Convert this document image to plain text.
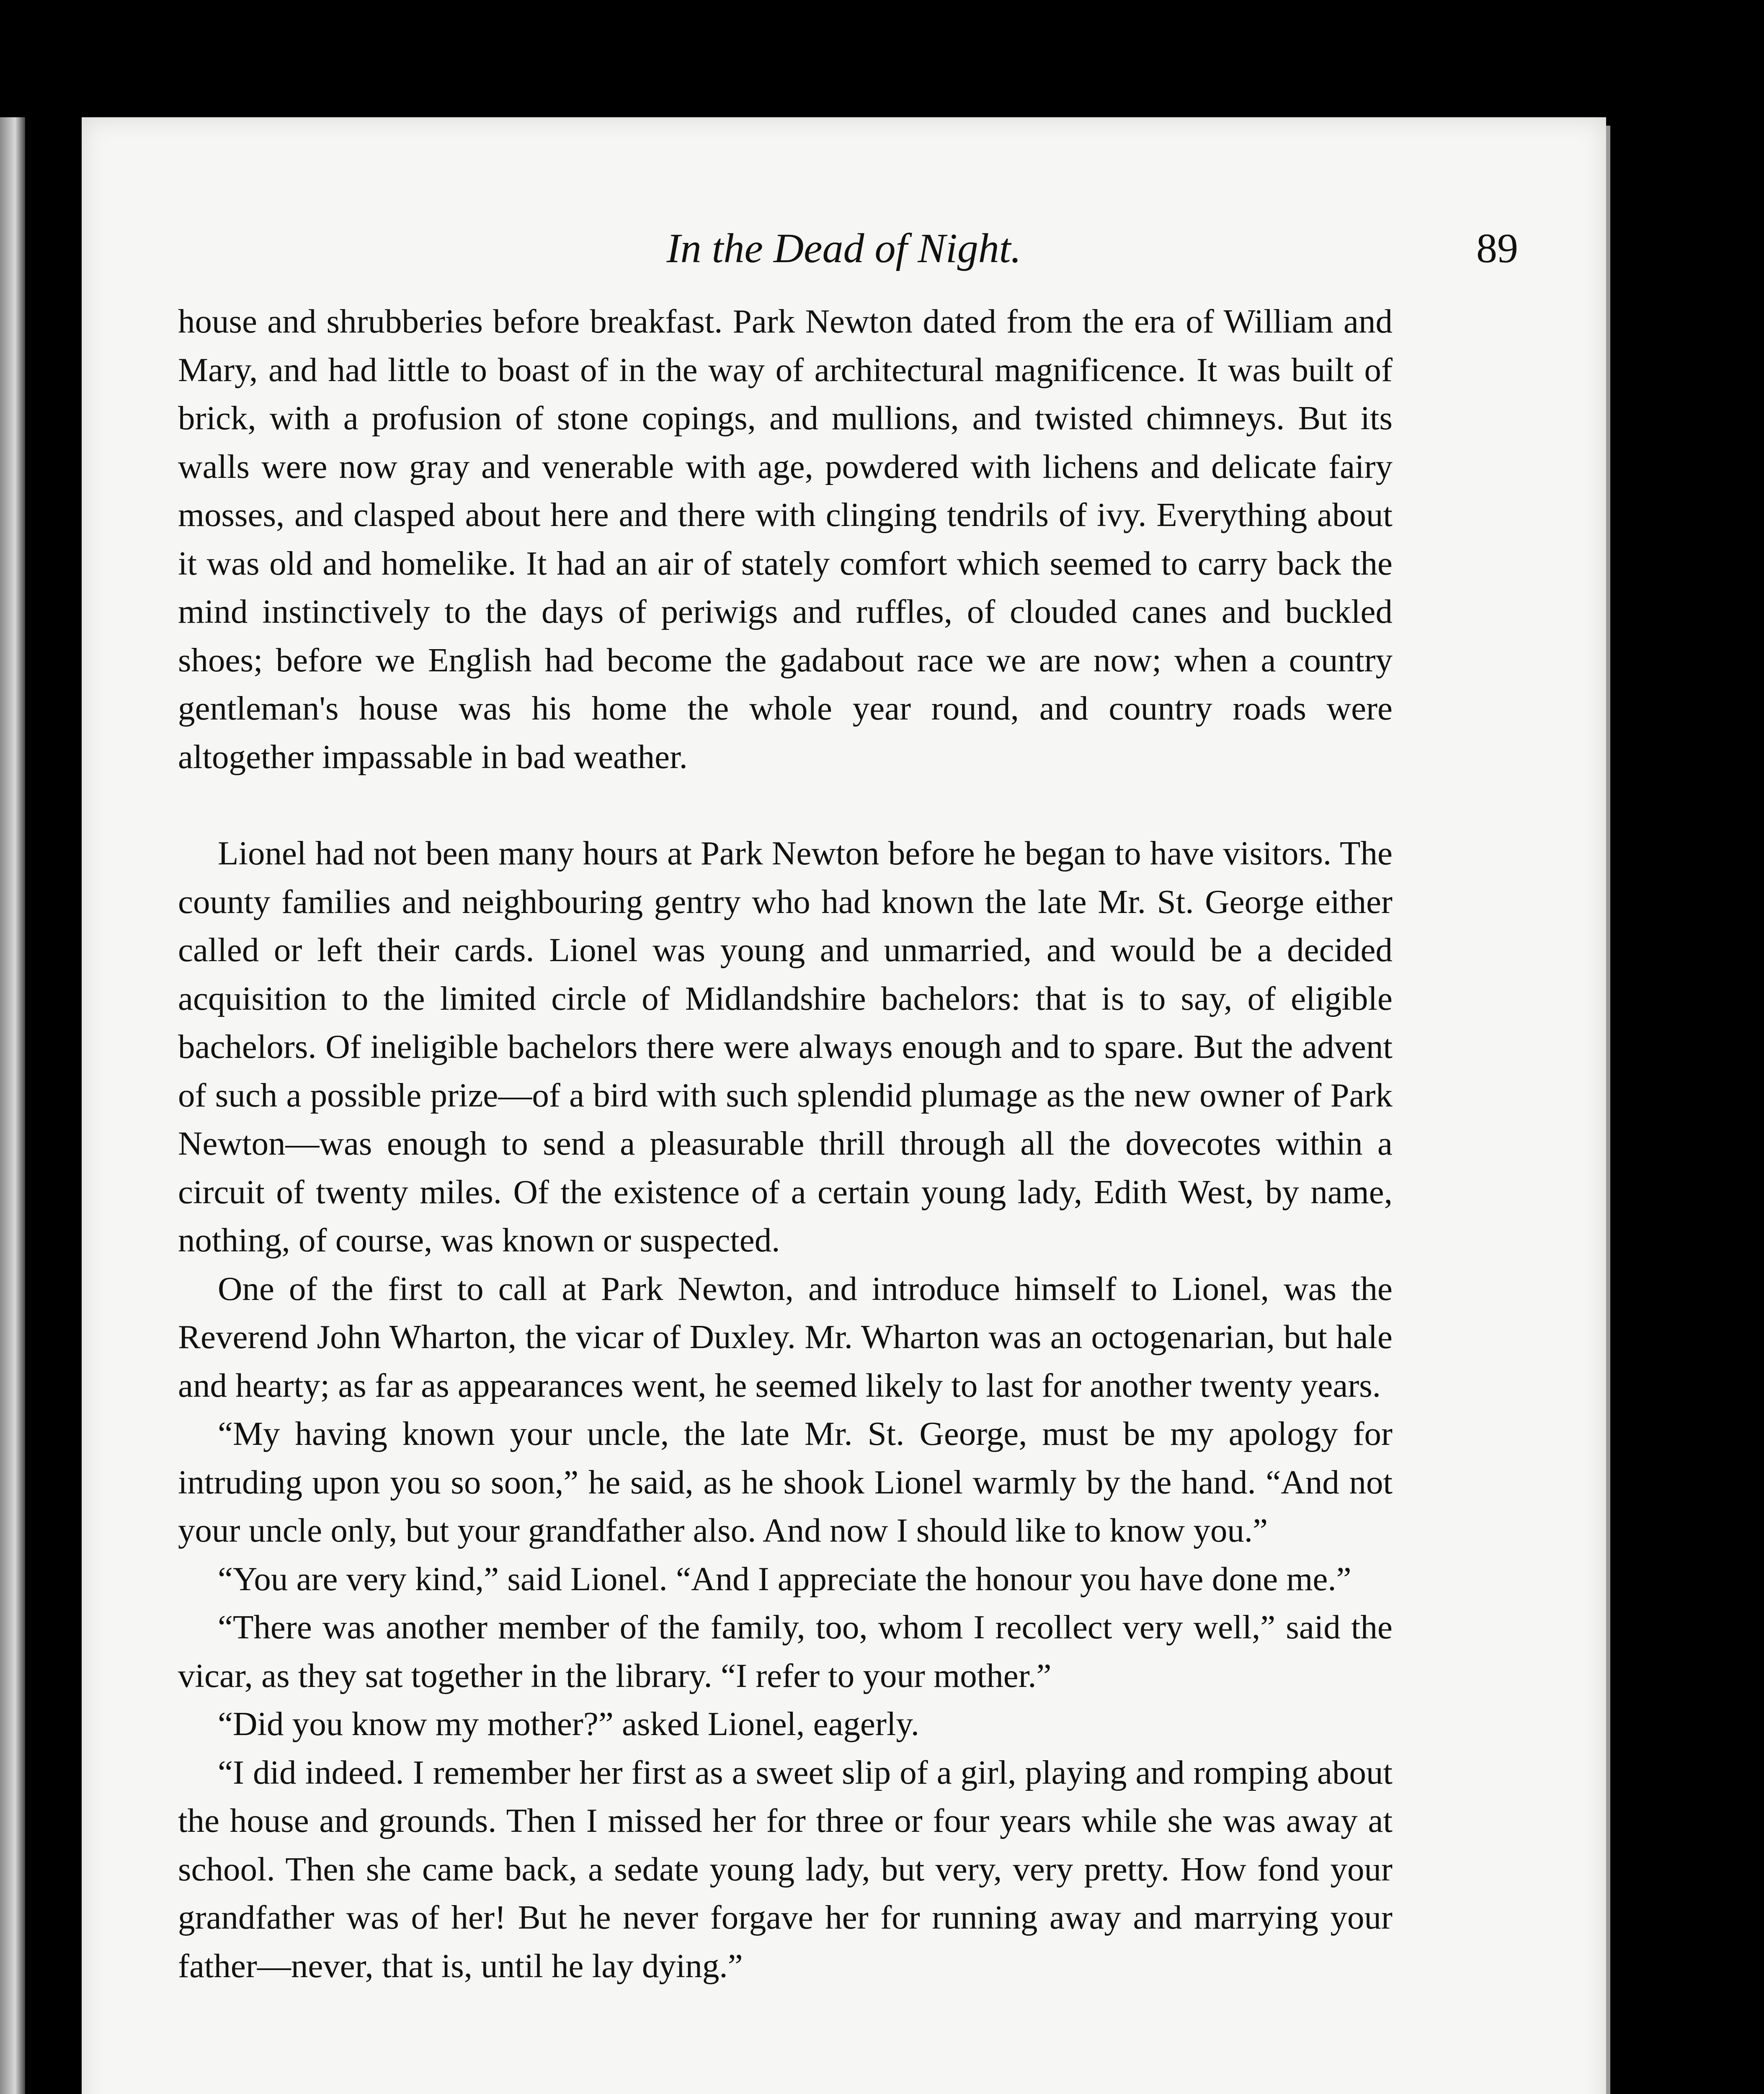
In the Dead of Night.	89

house and shrubberies before breakfast. Park Newton dated from the era of William and Mary, and had little to boast of in the way of architectural magnificence. It was built of brick, with a profusion of stone copings, and mullions, and twisted chimneys. But its walls were now gray and venerable with age, powdered with lichens and delicate fairy mosses, and clasped about here and there with clinging tendrils of ivy. Everything about it was old and homelike. It had an air of stately comfort which seemed to carry back the mind instinctively to the days of periwigs and ruffles, of clouded canes and buckled shoes; before we English had become the gadabout race we are now; when a country gentleman's house was his home the whole year round, and country roads were altogether impassable in bad weather.

Lionel had not been many hours at Park Newton before he began to have visitors. The county families and neighbouring gentry who had known the late Mr. St. George either called or left their cards. Lionel was young and unmarried, and would be a decided acquisition to the limited circle of Midlandshire bachelors: that is to say, of eligible bachelors. Of ineligible bachelors there were always enough and to spare. But the advent of such a possible prize—of a bird with such splendid plumage as the new owner of Park Newton—was enough to send a pleasurable thrill through all the dovecotes within a circuit of twenty miles. Of the existence of a certain young lady, Edith West, by name, nothing, of course, was known or suspected.

One of the first to call at Park Newton, and introduce himself to Lionel, was the Reverend John Wharton, the vicar of Duxley. Mr. Wharton was an octogenarian, but hale and hearty; as far as appearances went, he seemed likely to last for another twenty years.

“My having known your uncle, the late Mr. St. George, must be my apology for intruding upon you so soon,” he said, as he shook Lionel warmly by the hand. “And not your uncle only, but your grandfather also. And now I should like to know you.”

“You are very kind,” said Lionel. “And I appreciate the honour you have done me.”

“There was another member of the family, too, whom I recollect very well,” said the vicar, as they sat together in the library. “I refer to your mother.”

“Did you know my mother?” asked Lionel, eagerly.

“I did indeed. I remember her first as a sweet slip of a girl, playing and romping about the house and grounds. Then I missed her for three or four years while she was away at school. Then she came back, a sedate young lady, but very, very pretty. How fond your grandfather was of her! But he never forgave her for running away and marrying your father—never, that is, until he lay dying.”
